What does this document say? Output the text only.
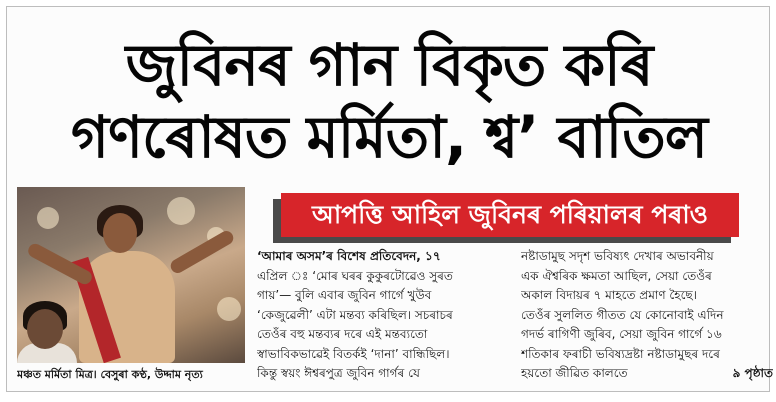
জুবিনৰ গান বিকৃত কৰি
গণৰোষত মৰ্মিতা, শ্ব’ বাতিল
মঞ্চত মৰ্মিতা মিত্ৰ। বেসুৰা কণ্ঠ, উদ্দাম নৃত্য
আপত্তি আহিল জুবিনৰ পৰিয়ালৰ পৰাও
‘আমাৰ অসম’ৰ বিশেষ প্ৰতিবেদন, ১৭
এপ্ৰিল ঃ ‘মোৰ ঘৰৰ কুকুৰটোৱেও সুৰত
গায়’— বুলি এবাৰ জুবিন গাৰ্গে খুউব
‘কেজুৱেলী’ এটা মন্তব্য কৰিছিল। সচৰাচৰ
তেওঁৰ বহু মন্তব্যৰ দৰে এই মন্তব্যতো
স্বাভাবিকভাৱেই বিতৰ্কই ‘দানা’ বান্ধিছিল।
কিন্তু স্বয়ং ঈশ্বৰপুত্ৰ জুবিন গাৰ্গৰ যে
নষ্টাডামুছ সদৃশ ভবিষ্যৎ দেখাৰ অভাবনীয়
এক ঐশ্বৰিক ক্ষমতা আছিল, সেয়া তেওঁৰ
অকাল বিদায়ৰ ৭ মাহতে প্ৰমাণ হৈছে।
তেওঁৰ সুললিত গীতত যে কোনোবাই এদিন
গদৰ্ভ ৰাগিণী জুৰিব, সেয়া জুবিন গাৰ্গে ১৬
শতিকাৰ ফৰাচী ভবিষ্যদ্ৰষ্টা নষ্টাডামুছৰ দৰে
হয়তো জীৱিত কালতে	৯ পৃষ্ঠাত
